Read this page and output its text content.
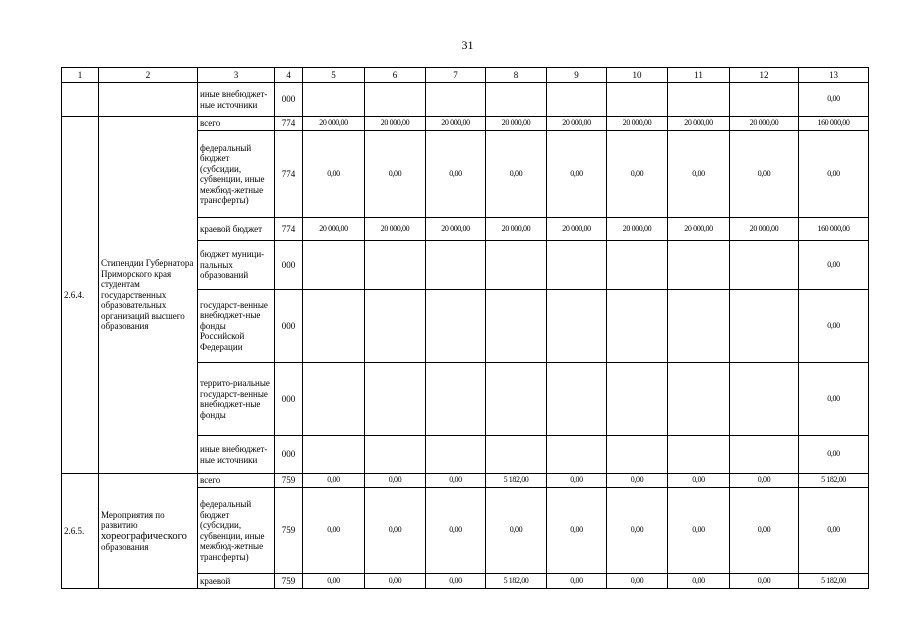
31
1	2	3	4	5	6	7	8	9	10	11	12	13
		иные внебюджет-ные источники	000									0,00
2.6.4.	Стипендии Губернатора Приморского края студентам государственных образовательных организаций высшего образования	всего	774	20 000,00	20 000,00	20 000,00	20 000,00	20 000,00	20 000,00	20 000,00	20 000,00	160 000,00
		федеральный бюджет (субсидии, субвенции, иные межбюд-жетные трансферты)	774	0,00	0,00	0,00	0,00	0,00	0,00	0,00	0,00	0,00
		краевой бюджет	774	20 000,00	20 000,00	20 000,00	20 000,00	20 000,00	20 000,00	20 000,00	20 000,00	160 000,00
		бюджет муници-пальных образований	000									0,00
		государст-венные внебюджет-ные фонды Российской Федерации	000									0,00
		террито-риальные государст-венные внебюджет-ные фонды	000									0,00
		иные внебюджет-ные источники	000									0,00
2.6.5.	Мероприятия по развитию
хореографического
образования	всего	759	0,00	0,00	0,00	5 182,00	0,00	0,00	0,00	0,00	5 182,00
		федеральный бюджет (субсидии, субвенции, иные межбюд-жетные трансферты)	759	0,00	0,00	0,00	0,00	0,00	0,00	0,00	0,00	0,00
		краевой	759	0,00	0,00	0,00	5 182,00	0,00	0,00	0,00	0,00	5 182,00
